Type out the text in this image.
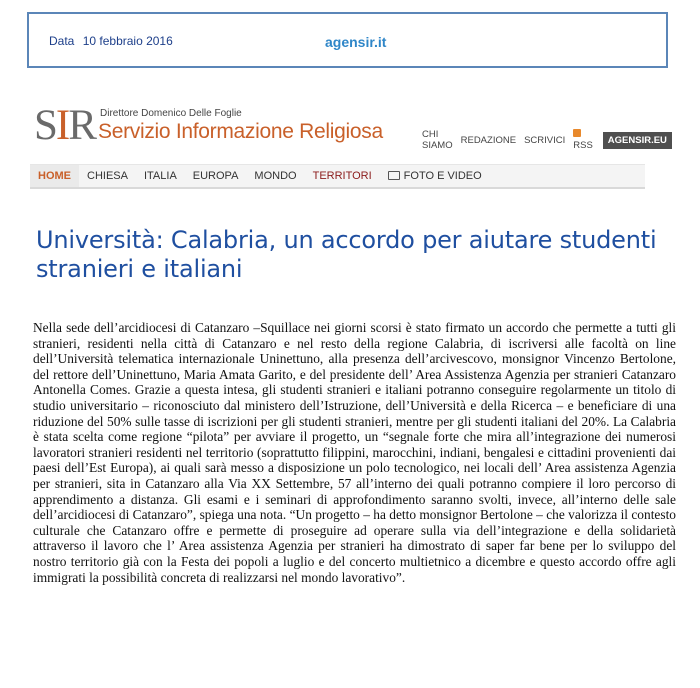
Data 10 febbraio 2016	agensir.it
SIR Direttore Domenico Delle Foglie
Servizio Informazione Religiosa	CHI SIAMO REDAZIONE SCRIVICI RSS	AGENSIR.EU
HOME	CHIESA	ITALIA	EUROPA	MONDO	TERRITORI	FOTO E VIDEO
Università: Calabria, un accordo per aiutare studenti stranieri e italiani

Nella sede dell’arcidiocesi di Catanzaro –Squillace nei giorni scorsi è stato firmato un accordo che permette a tutti gli stranieri, residenti nella città di Catanzaro e nel resto della regione Calabria, di iscriversi alle facoltà on line dell’Università telematica internazionale Uninettuno, alla presenza dell’arcivescovo, monsignor Vincenzo Bertolone, del rettore dell’Uninettuno, Maria Amata Garito, e del presidente dell’ Area Assistenza Agenzia per stranieri Catanzaro Antonella Comes. Grazie a questa intesa, gli studenti stranieri e italiani potranno conseguire regolarmente un titolo di studio universitario – riconosciuto dal ministero dell’Istruzione, dell’Università e della Ricerca – e beneficiare di una riduzione del 50% sulle tasse di iscrizioni per gli studenti stranieri, mentre per gli studenti italiani del 20%. La Calabria è stata scelta come regione “pilota” per avviare il progetto, un “segnale forte che mira all’integrazione dei numerosi lavoratori stranieri residenti nel territorio (soprattutto filippini, marocchini, indiani, bengalesi e cittadini provenienti dai paesi dell’Est Europa), ai quali sarà messo a disposizione un polo tecnologico, nei locali dell’ Area assistenza Agenzia per stranieri, sita in Catanzaro alla Via XX Settembre, 57 all’interno dei quali potranno compiere il loro percorso di apprendimento a distanza. Gli esami e i seminari di approfondimento saranno svolti, invece, all’interno delle sale dell’arcidiocesi di Catanzaro”, spiega una nota. “Un progetto – ha detto monsignor Bertolone – che valorizza il contesto culturale che Catanzaro offre e permette di proseguire ad operare sulla via dell’integrazione e della solidarietà attraverso il lavoro che l’ Area assistenza Agenzia per stranieri ha dimostrato di saper far bene per lo sviluppo del nostro territorio già con la Festa dei popoli a luglio e del concerto multietnico a dicembre e questo accordo offre agli immigrati la possibilità concreta di realizzarsi nel mondo lavorativo”.
